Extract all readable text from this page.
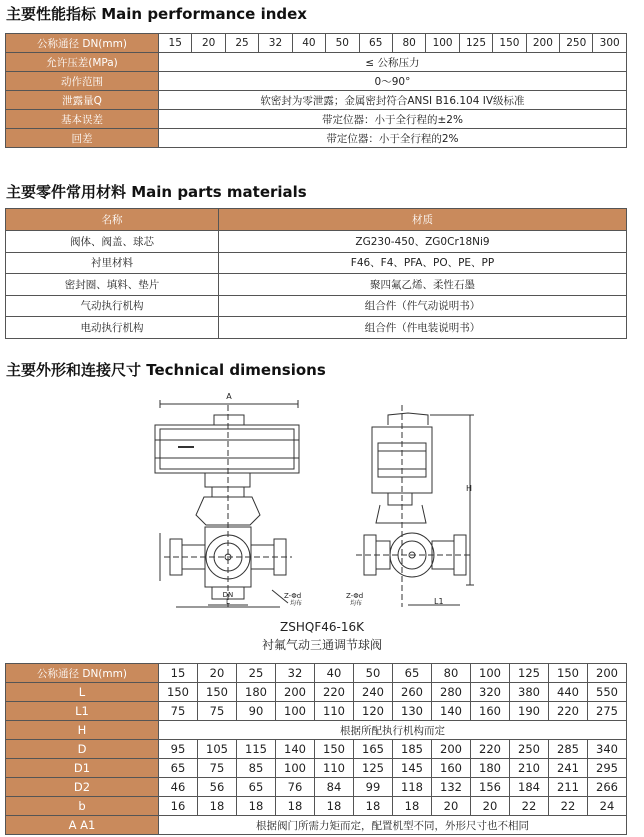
主要性能指标 Main performance index
公称通径 DN(mm)	15	20	25	32	40	50	65	80	100	125	150	200	250	300
允许压差(MPa)	≤ 公称压力													
动作范围	0～90°													
泄露量Q	软密封为零泄露；金属密封符合ANSI B16.104 IV级标准													
基本误差	带定位器：小于全行程的±2%													
回差	带定位器：小于全行程的2%													
主要零件常用材料 Main parts materials
名称	材质
阀体、阀盖、球芯	ZG230-450、ZG0Cr18Ni9
衬里材料	F46、F4、PFA、PO、PE、PP
密封圈、填料、垫片	聚四氟乙烯、柔性石墨
气动执行机构	组合件（件气动说明书）
电动执行机构	组合件（件电装说明书）
主要外形和连接尺寸 Technical dimensions
A
DN
L
Z-Φd
均布
Z-Φd
均布	L1
H
ZSHQF46-16K
衬氟气动三通调节球阀
公称通径 DN(mm)	15	20	25	32	40	50	65	80	100	125	150	200
L	150	150	180	200	220	240	260	280	320	380	440	550
L1	75	75	90	100	110	120	130	140	160	190	220	275
H	根据所配执行机构而定											
D	95	105	115	140	150	165	185	200	220	250	285	340
D1	65	75	85	100	110	125	145	160	180	210	241	295
D2	46	56	65	76	84	99	118	132	156	184	211	266
b	16	18	18	18	18	18	18	20	20	22	22	24
A A1	根据阀门所需力矩而定，配置机型不同，外形尺寸也不相同											
